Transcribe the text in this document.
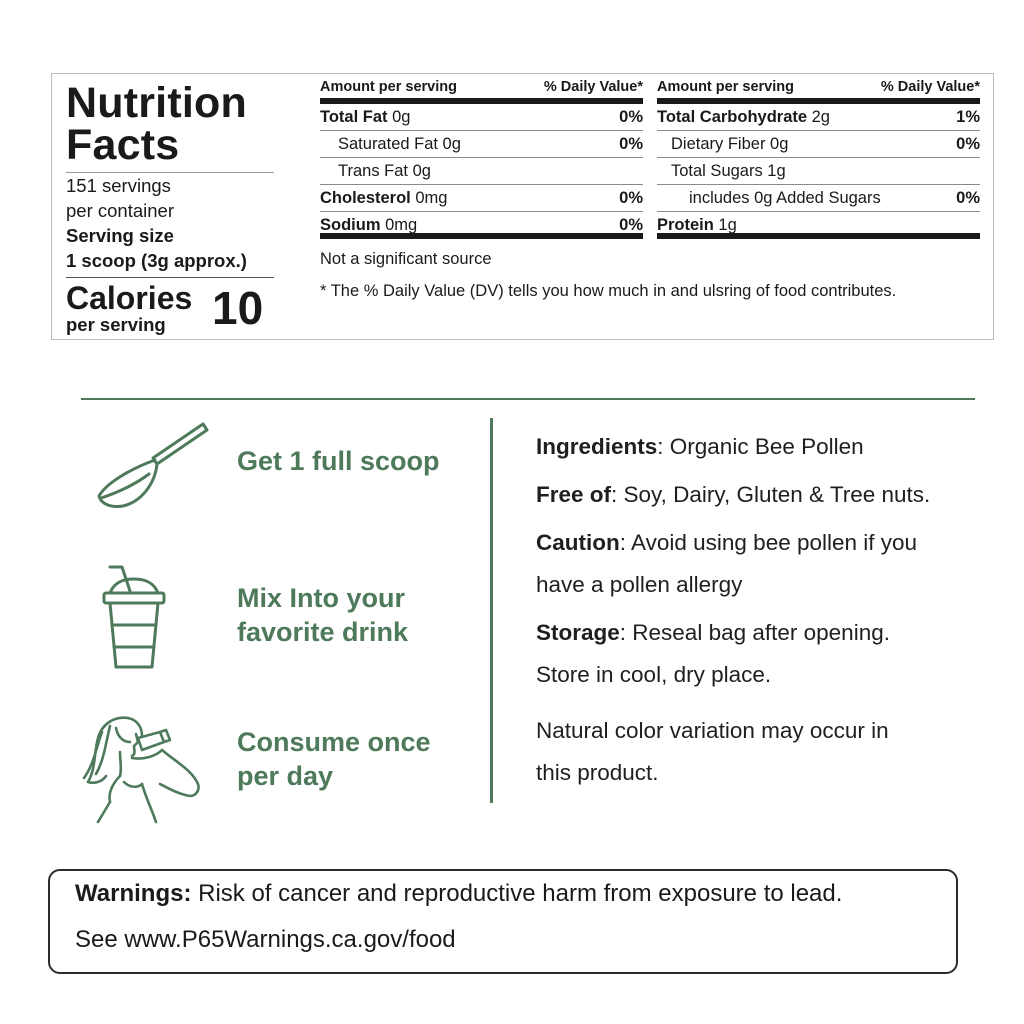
Nutrition
Facts
151 servings
per container
Serving size
1 scoop (3g approx.)
Calories
per serving 10
Amount per serving	% Daily Value*
Total Fat 0g	0%
Saturated Fat 0g	0%
Trans Fat 0g
Cholesterol 0mg	0%
Sodium 0mg	0%
Amount per serving	% Daily Value*
Total Carbohydrate 2g	1%
Dietary Fiber 0g	0%
Total Sugars 1g
includes 0g Added Sugars	0%
Protein 1g
Not a significant source
* The % Daily Value (DV) tells you how much in and ulsring of food contributes.
Get 1 full scoop
Mix Into your
favorite drink
Consume once
per day
Ingredients: Organic Bee Pollen
Free of: Soy, Dairy, Gluten & Tree nuts.
Caution: Avoid using bee pollen if you
have a pollen allergy
Storage: Reseal bag after opening.
Store in cool, dry place.
Natural color variation may occur in
this product.
Warnings: Risk of cancer and reproductive harm from exposure to lead.
See www.P65Warnings.ca.gov/food
